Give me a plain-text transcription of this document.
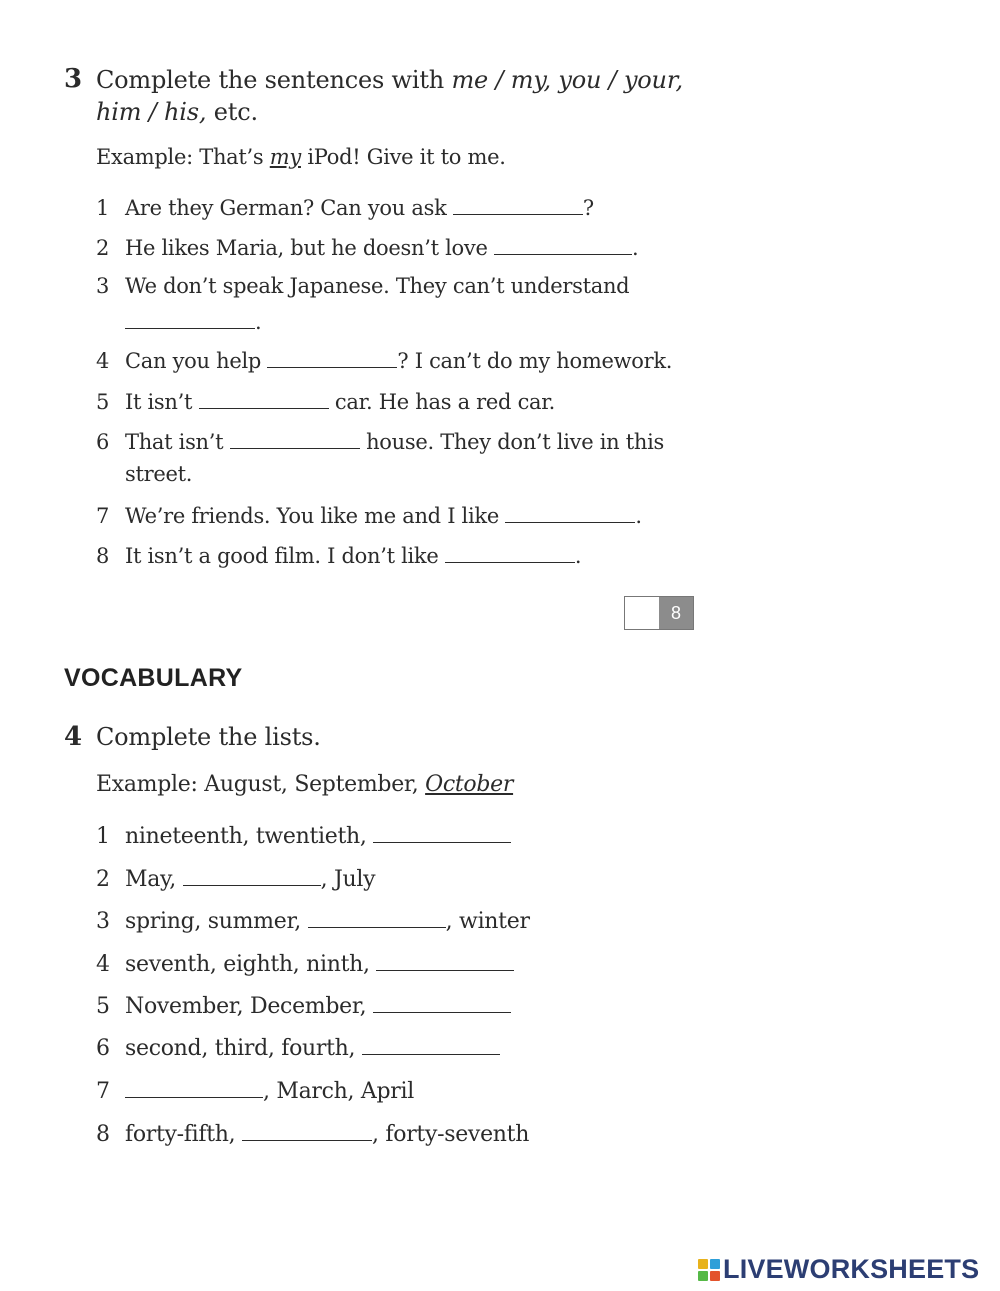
3 Complete the sentences with me / my, you / your,
him / his, etc.
Example: That’s my iPod! Give it to me.
1 Are they German? Can you ask	?
2 He likes Maria, but he doesn’t love	.
3 We don’t speak Japanese. They can’t understand
.
4 Can you help	? I can’t do my homework.
5 It isn’t	car. He has a red car.
6 That isn’t	house. They don’t live in this
street.
7 We’re friends. You like me and I like	.
8 It isn’t a good film. I don’t like	.
8
VOCABULARY
4 Complete the lists.
Example: August, September, October
1 nineteenth, twentieth,
2 May,	, July
3 spring, summer,	, winter
4 seventh, eighth, ninth,
5 November, December,
6 second, third, fourth,
7	, March, April
8 forty-fifth,	, forty-seventh
LIVEWORKSHEETS
